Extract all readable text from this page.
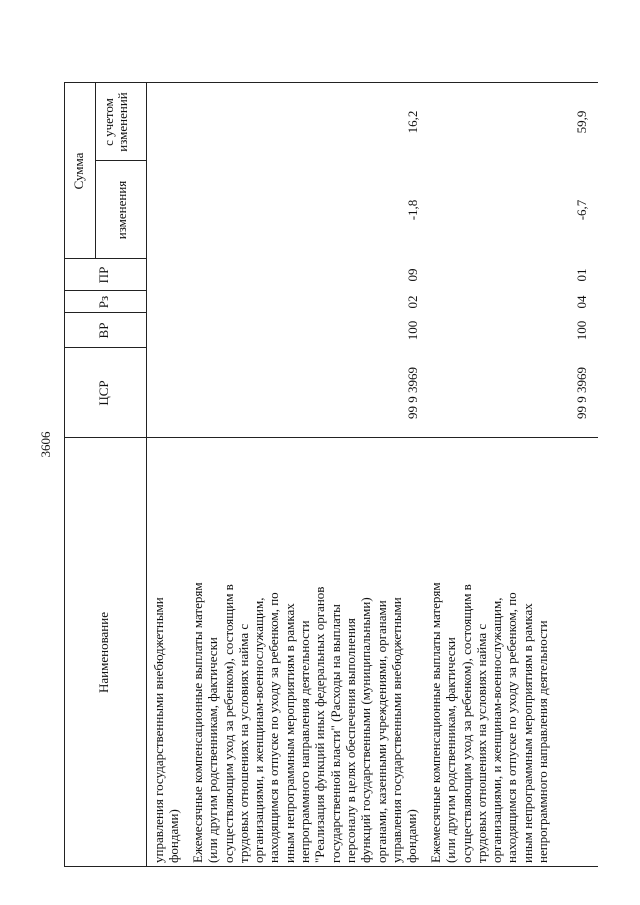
3606
Наименование
ЦСР
ВР
Рз
ПР
Сумма
изменения
с учетом изменений
управления государственными внебюджетными фондами) Ежемесячные компенсационные выплаты матерям (или другим родственникам, фактически осуществляющим уход за ребенком), состоящим в трудовых отношениях на условиях найма с организациями, и женщинам-военнослужащим, находящимся в отпуске по уходу за ребенком, по иным непрограммным мероприятиям в рамках непрограммного направления деятельности "Реализация функций иных федеральных органов государственной власти" (Расходы на выплаты персоналу в целях обеспечения выполнения функций государственными (муниципальными) органами, казенными учреждениями, органами управления государственными внебюджетными фондами)
99 9 3969
100
02
09
-1,8
16,2
Ежемесячные компенсационные выплаты матерям (или другим родственникам, фактически осуществляющим уход за ребенком), состоящим в трудовых отношениях на условиях найма с организациями, и женщинам-военнослужащим, находящимся в отпуске по уходу за ребенком, по иным непрограммным мероприятиям в рамках непрограммного направления деятельности
99 9 3969
100
04
01
-6,7
59,9
